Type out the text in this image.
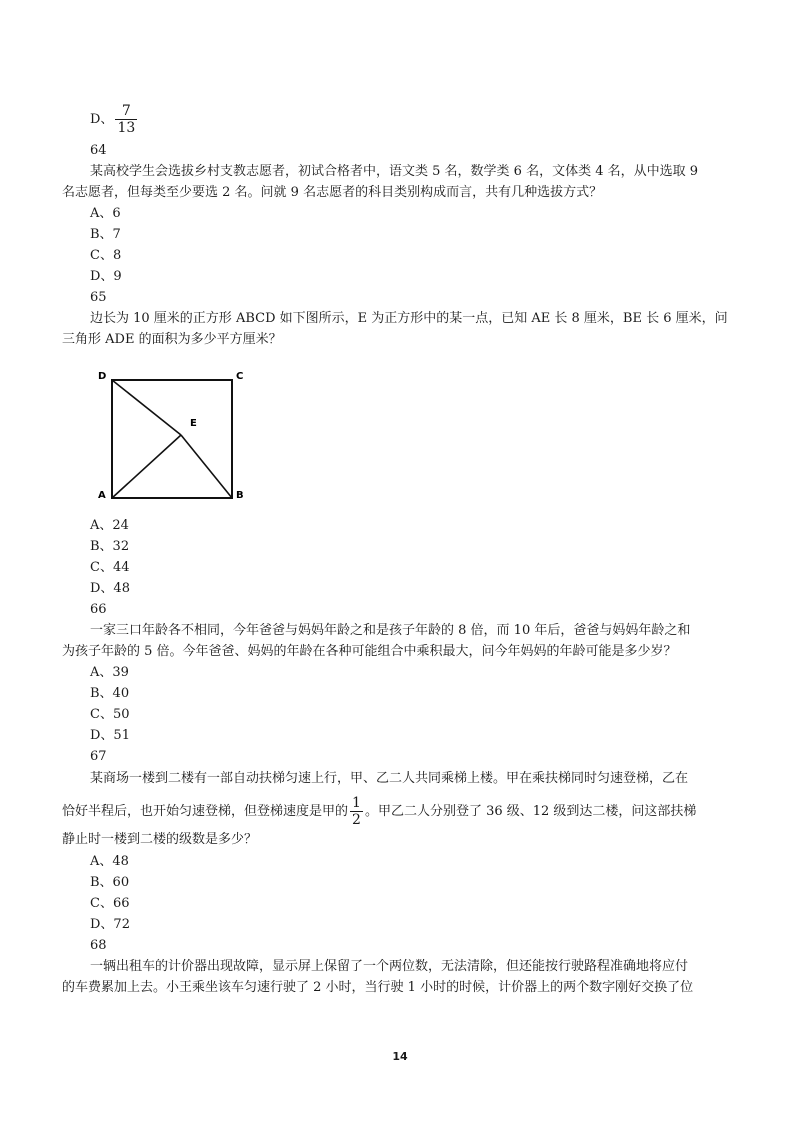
D、 $\frac{7}{13}$
64
某高校学生会选拔乡村支教志愿者，初试合格者中，语文类 5 名，数学类 6 名，文体类 4 名，从中选取 9
名志愿者，但每类至少要选 2 名。问就 9 名志愿者的科目类别构成而言，共有几种选拔方式？
A、6
B、7
C、8
D、9
65
边长为 10 厘米的正方形 ABCD 如下图所示，E 为正方形中的某一点，已知 AE 长 8 厘米，BE 长 6 厘米，问
三角形 ADE 的面积为多少平方厘米？
D	C
A	B
E
A、24
B、32
C、44
D、48
66
一家三口年龄各不相同，今年爸爸与妈妈年龄之和是孩子年龄的 8 倍，而 10 年后，爸爸与妈妈年龄之和
为孩子年龄的 5 倍。今年爸爸、妈妈的年龄在各种可能组合中乘积最大，问今年妈妈的年龄可能是多少岁？
A、39
B、40
C、50
D、51
67
某商场一楼到二楼有一部自动扶梯匀速上行，甲、乙二人共同乘梯上楼。甲在乘扶梯同时匀速登梯，乙在
恰好半程后，也开始匀速登梯，但登梯速度是甲的 $\frac{1}{2}$ 。甲乙二人分别登了 36 级、12 级到达二楼，问这部扶梯
静止时一楼到二楼的级数是多少？
A、48
B、60
C、66
D、72
68
一辆出租车的计价器出现故障，显示屏上保留了一个两位数，无法清除，但还能按行驶路程准确地将应付
的车费累加上去。小王乘坐该车匀速行驶了 2 小时，当行驶 1 小时的时候，计价器上的两个数字刚好交换了位
14
